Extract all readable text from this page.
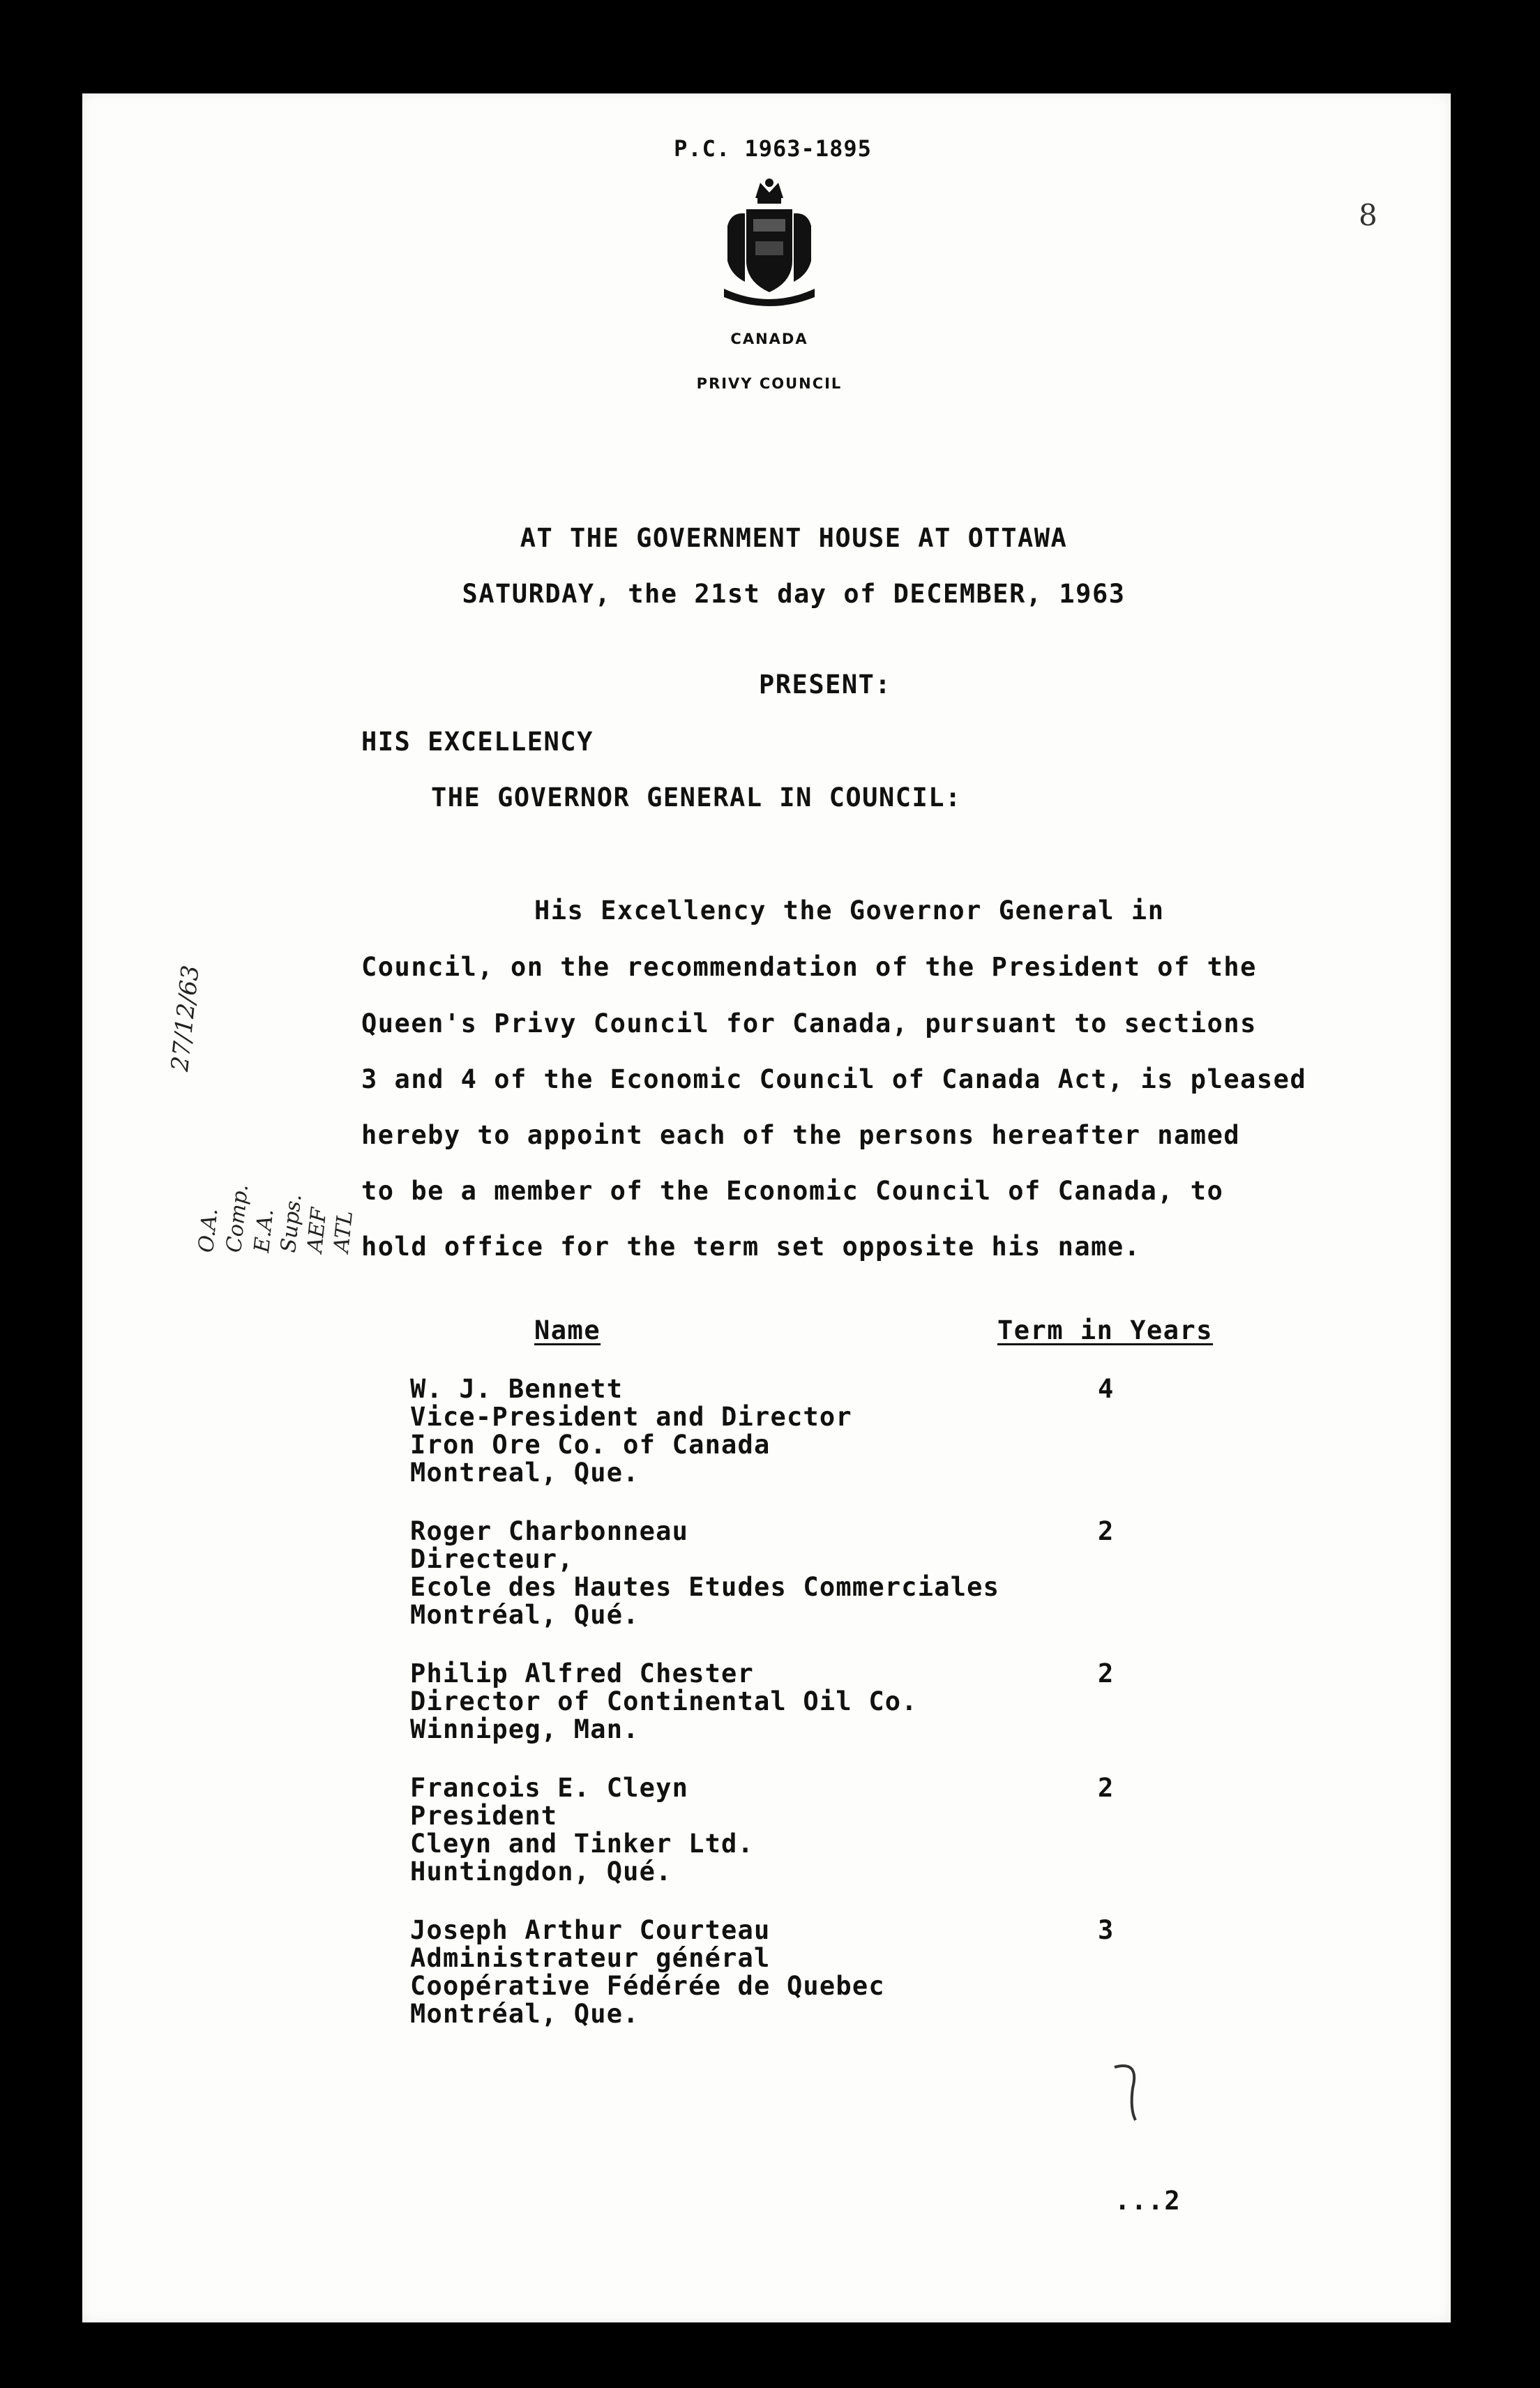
P.C. 1963-1895
8
CANADA
PRIVY COUNCIL
AT THE GOVERNMENT HOUSE AT OTTAWA
SATURDAY, the 21st day of DECEMBER, 1963
PRESENT:
HIS EXCELLENCY
THE GOVERNOR GENERAL IN COUNCIL:
His Excellency the Governor General in
Council, on the recommendation of the President of the
Queen's Privy Council for Canada, pursuant to sections
3 and 4 of the Economic Council of Canada Act, is pleased
hereby to appoint each of the persons hereafter named
to be a member of the Economic Council of Canada, to
hold office for the term set opposite his name.
Name	Term in Years
W. J. Bennett
Vice-President and Director
Iron Ore Co. of Canada
Montreal, Que.
4
Roger Charbonneau
Directeur,
Ecole des Hautes Etudes Commerciales
Montréal, Qué.
2
Philip Alfred Chester
Director of Continental Oil Co.
Winnipeg, Man.
2
Francois E. Cleyn
President
Cleyn and Tinker Ltd.
Huntingdon, Qué.
2
Joseph Arthur Courteau
Administrateur général
Coopérative Fédérée de Quebec
Montréal, Que.
3
...2
27/12/63
O.A.
Comp.
E.A.
Sups.
AEF
ATL
